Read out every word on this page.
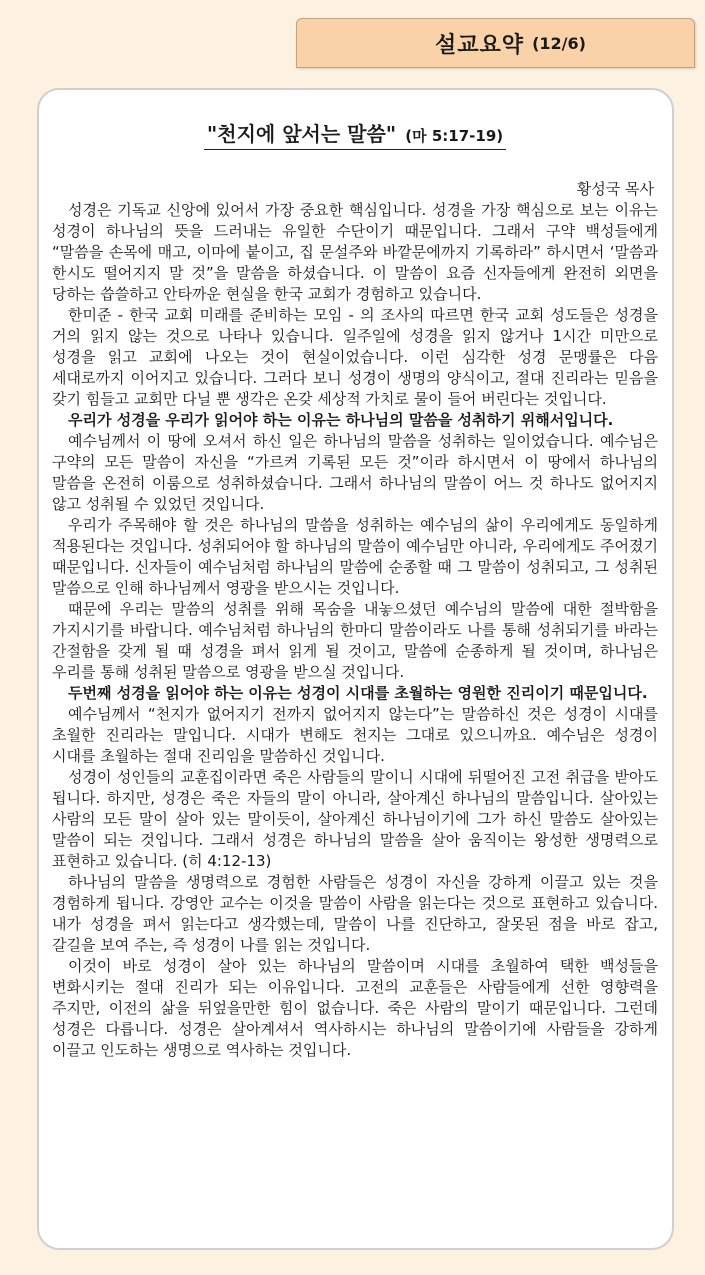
설교요약 (12/6)
"천지에 앞서는 말씀" (마 5:17-19)
황성국 목사

성경은 기독교 신앙에 있어서 가장 중요한 핵심입니다. 성경을 가장 핵심으로 보는 이유는 성경이 하나님의 뜻을 드러내는 유일한 수단이기 때문입니다. 그래서 구약 백성들에게 “말씀을 손목에 매고, 이마에 붙이고, 집 문설주와 바깥문에까지 기록하라” 하시면서 ‘말씀과 한시도 떨어지지 말 것”을 말씀을 하셨습니다. 이 말씀이 요즘 신자들에게 완전히 외면을 당하는 씁쓸하고 안타까운 현실을 한국 교회가 경험하고 있습니다.

한미준 - 한국 교회 미래를 준비하는 모임 - 의 조사의 따르면 한국 교회 성도들은 성경을 거의 읽지 않는 것으로 나타나 있습니다. 일주일에 성경을 읽지 않거나 1시간 미만으로 성경을 읽고 교회에 나오는 것이 현실이었습니다. 이런 심각한 성경 문맹률은 다음 세대로까지 이어지고 있습니다. 그러다 보니 성경이 생명의 양식이고, 절대 진리라는 믿음을 갖기 힘들고 교회만 다닐 뿐 생각은 온갖 세상적 가치로 물이 들어 버린다는 것입니다.

우리가 성경을 우리가 읽어야 하는 이유는 하나님의 말씀을 성취하기 위해서입니다.

예수님께서 이 땅에 오셔서 하신 일은 하나님의 말씀을 성취하는 일이었습니다. 예수님은 구약의 모든 말씀이 자신을 “가르켜 기록된 모든 것”이라 하시면서 이 땅에서 하나님의 말씀을 온전히 이룸으로 성취하셨습니다. 그래서 하나님의 말씀이 어느 것 하나도 없어지지 않고 성취될 수 있었던 것입니다.

우리가 주목해야 할 것은 하나님의 말씀을 성취하는 예수님의 삶이 우리에게도 동일하게 적용된다는 것입니다. 성취되어야 할 하나님의 말씀이 예수님만 아니라, 우리에게도 주어졌기 때문입니다. 신자들이 예수님처럼 하나님의 말씀에 순종할 때 그 말씀이 성취되고, 그 성취된 말씀으로 인해 하나님께서 영광을 받으시는 것입니다.

때문에 우리는 말씀의 성취를 위해 목숨을 내놓으셨던 예수님의 말씀에 대한 절박함을 가지시기를 바랍니다. 예수님처럼 하나님의 한마디 말씀이라도 나를 통해 성취되기를 바라는 간절함을 갖게 될 때 성경을 펴서 읽게 될 것이고, 말씀에 순종하게 될 것이며, 하나님은 우리를 통해 성취된 말씀으로 영광을 받으실 것입니다.

두번째 성경을 읽어야 하는 이유는 성경이 시대를 초월하는 영원한 진리이기 때문입니다.

예수님께서 “천지가 없어지기 전까지 없어지지 않는다”는 말씀하신 것은 성경이 시대를 초월한 진리라는 말입니다. 시대가 변해도 천지는 그대로 있으니까요. 예수님은 성경이 시대를 초월하는 절대 진리임을 말씀하신 것입니다.

성경이 성인들의 교훈집이라면 죽은 사람들의 말이니 시대에 뒤떨어진 고전 취급을 받아도 됩니다. 하지만, 성경은 죽은 자들의 말이 아니라, 살아계신 하나님의 말씀입니다. 살아있는 사람의 모든 말이 살아 있는 말이듯이, 살아계신 하나님이기에 그가 하신 말씀도 살아있는 말씀이 되는 것입니다. 그래서 성경은 하나님의 말씀을 살아 움직이는 왕성한 생명력으로 표현하고 있습니다. (히 4:12-13)

하나님의 말씀을 생명력으로 경험한 사람들은 성경이 자신을 강하게 이끌고 있는 것을 경험하게 됩니다. 강영안 교수는 이것을 말씀이 사람을 읽는다는 것으로 표현하고 있습니다. 내가 성경을 펴서 읽는다고 생각했는데, 말씀이 나를 진단하고, 잘못된 점을 바로 잡고, 갈길을 보여 주는, 즉 성경이 나를 읽는 것입니다.

이것이 바로 성경이 살아 있는 하나님의 말씀이며 시대를 초월하여 택한 백성들을 변화시키는 절대 진리가 되는 이유입니다. 고전의 교훈들은 사람들에게 선한 영향력을 주지만, 이전의 삶을 뒤엎을만한 힘이 없습니다. 죽은 사람의 말이기 때문입니다. 그런데 성경은 다릅니다. 성경은 살아계셔서 역사하시는 하나님의 말씀이기에 사람들을 강하게 이끌고 인도하는 생명으로 역사하는 것입니다.
